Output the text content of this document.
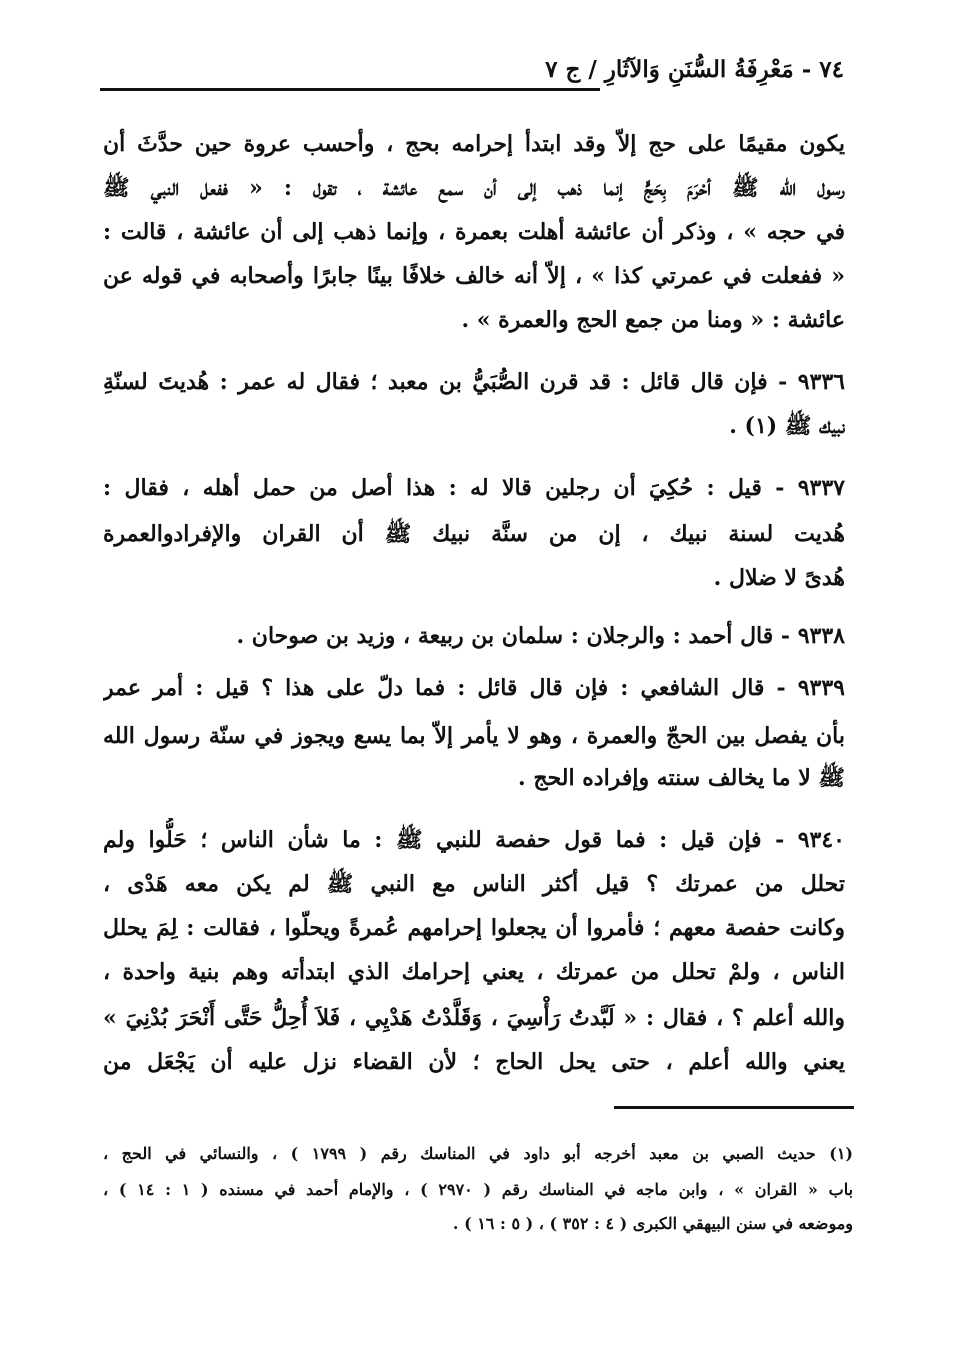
٧٤ - مَعْرِفَةُ السُّنَنِ وَالآثَارِ / ج ٧
يكون مقيمًا على حج إلاّ وقد ابتدأ إحرامه بحج ، وأحسب عروة حين حدَّثَ أن
رسول الله ﷺ أحْرَمَ بِحَجٍّ إنما ذهب إلى أن سمع عائشة ، تقول : « ففعل النبي ﷺ
في حجه » ، وذكر أن عائشة أهلت بعمرة ، وإنما ذهب إلى أن عائشة ، قالت :
« ففعلت في عمرتي كذا » ، إلاّ أنه خالف خلافًا بينًا جابرًا وأصحابه في قوله عن
عائشة : « ومنا من جمع الحج والعمرة » .
٩٣٣٦ - فإن قال قائل : قد قرن الصُّبَيُّ بن معبد ؛ فقال له عمر : هُديتَ لسنّةِ
نبيك ﷺ (١) .
٩٣٣٧ - قيل : حُكِيَ أن رجلين قالا له : هذا أصل من حمل أهله ، فقال :
هُديت لسنة نبيك ، إن من سنَّة نبيك ﷺ أن القران والإفرادوالعمرة
هُدىً لا ضلال .
٩٣٣٨ - قال أحمد : والرجلان : سلمان بن ربيعة ، وزيد بن صوحان .
٩٣٣٩ - قال الشافعي : فإن قال قائل : فما دلّ على هذا ؟ قيل : أمر عمر
بأن يفصل بين الحجّ والعمرة ، وهو لا يأمر إلاّ بما يسع ويجوز في سنّة رسول الله
ﷺ لا ما يخالف سنته وإفراده الحج .
٩٣٤٠ - فإن قيل : فما قول حفصة للنبي ﷺ : ما شأن الناس ؛ حَلُّوا ولم
تحلل من عمرتك ؟ قيل أكثر الناس مع النبي ﷺ لم يكن معه هَدْى ،
وكانت حفصة معهم ؛ فأمروا أن يجعلوا إحرامهم عُمرةً ويحلّوا ، فقالت : لِمَ يحلل
الناس ، ولمْ تحلل من عمرتك ، يعني إحرامك الذي ابتدأته وهم بنية واحدة ،
والله أعلم ؟ ، فقال : « لَبَّدتُ رَأْسِيَ ، وَقَلَّدْتُ هَدْيِي ، فَلاَ أُحِلُّ حَتَّى أَنْحَرَ بُدْنِيَ »
يعني والله أعلم ، حتى يحل الحاج ؛ لأن القضاء نزل عليه أن يَجْعَل من
(١) حديث الصبي بن معبد أخرجه أبو داود في المناسك رقم ( ١٧٩٩ ) ، والنسائي في الحج ،
باب « القران » ، وابن ماجه في المناسك رقم ( ٢٩٧٠ ) ، والإمام أحمد في مسنده ( ١ : ١٤ ) ،
وموضعه في سنن البيهقي الكبرى ( ٤ : ٣٥٢ ) ، ( ٥ : ١٦ ) .
